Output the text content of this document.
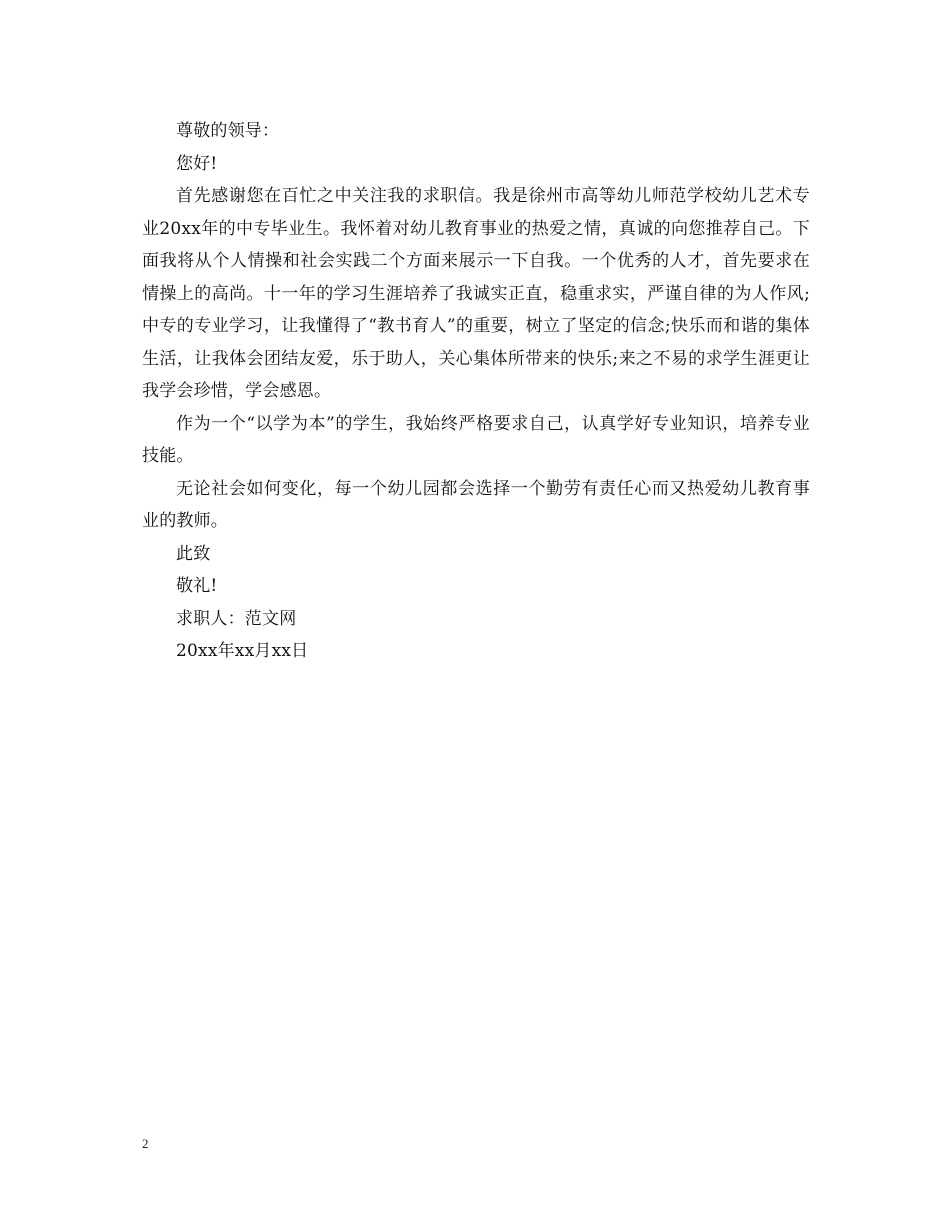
尊敬的领导：

您好!

首先感谢您在百忙之中关注我的求职信。我是徐州市高等幼儿师范学校幼儿艺术专业20xx年的中专毕业生。我怀着对幼儿教育事业的热爱之情，真诚的向您推荐自己。下面我将从个人情操和社会实践二个方面来展示一下自我。一个优秀的人才，首先要求在情操上的高尚。十一年的学习生涯培养了我诚实正直，稳重求实，严谨自律的为人作风;中专的专业学习，让我懂得了“教书育人”的重要，树立了坚定的信念;快乐而和谐的集体生活，让我体会团结友爱，乐于助人，关心集体所带来的快乐;来之不易的求学生涯更让我学会珍惜，学会感恩。

作为一个“以学为本”的学生，我始终严格要求自己，认真学好专业知识，培养专业技能。

无论社会如何变化，每一个幼儿园都会选择一个勤劳有责任心而又热爱幼儿教育事业的教师。

此致

敬礼!

求职人：范文网

20xx年xx月xx日

2
